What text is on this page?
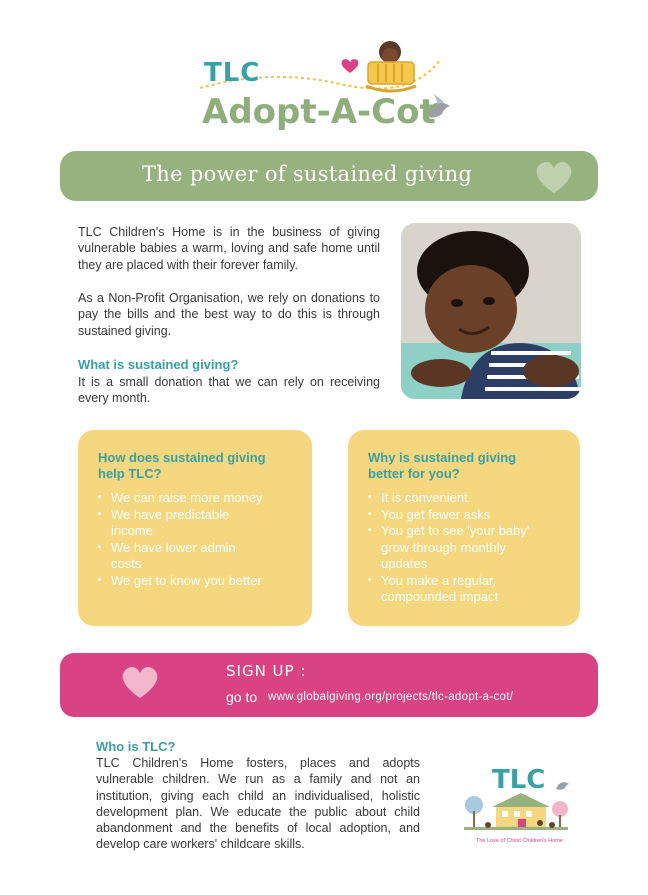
TLC
Adopt-A-Cot
The power of sustained giving
TLC Children's Home is in the business of giving vulnerable babies a warm, loving and safe home until they are placed with their forever family.
As a Non-Profit Organisation, we rely on donations to pay the bills and the best way to do this is through sustained giving.
What is sustained giving?
It is a small donation that we can rely on receiving every month.
How does sustained giving help TLC?
• We can raise more money
• We have predictable income
• We have lower admin costs
• We get to know you better
Why is sustained giving better for you?
• It is convenient
• You get fewer asks
• You get to see 'your baby' grow through monthly updates
• You make a regular, compounded impact
SIGN UP :
go to www.globalgiving.org/projects/tlc-adopt-a-cot/
Who is TLC?
TLC Children's Home fosters, places and adopts vulnerable children. We run as a family and not an institution, giving each child an individualised, holistic development plan. We educate the public about child abandonment and the benefits of local adoption, and develop care workers' childcare skills.
TLC
The Love of Christ Children's Home
